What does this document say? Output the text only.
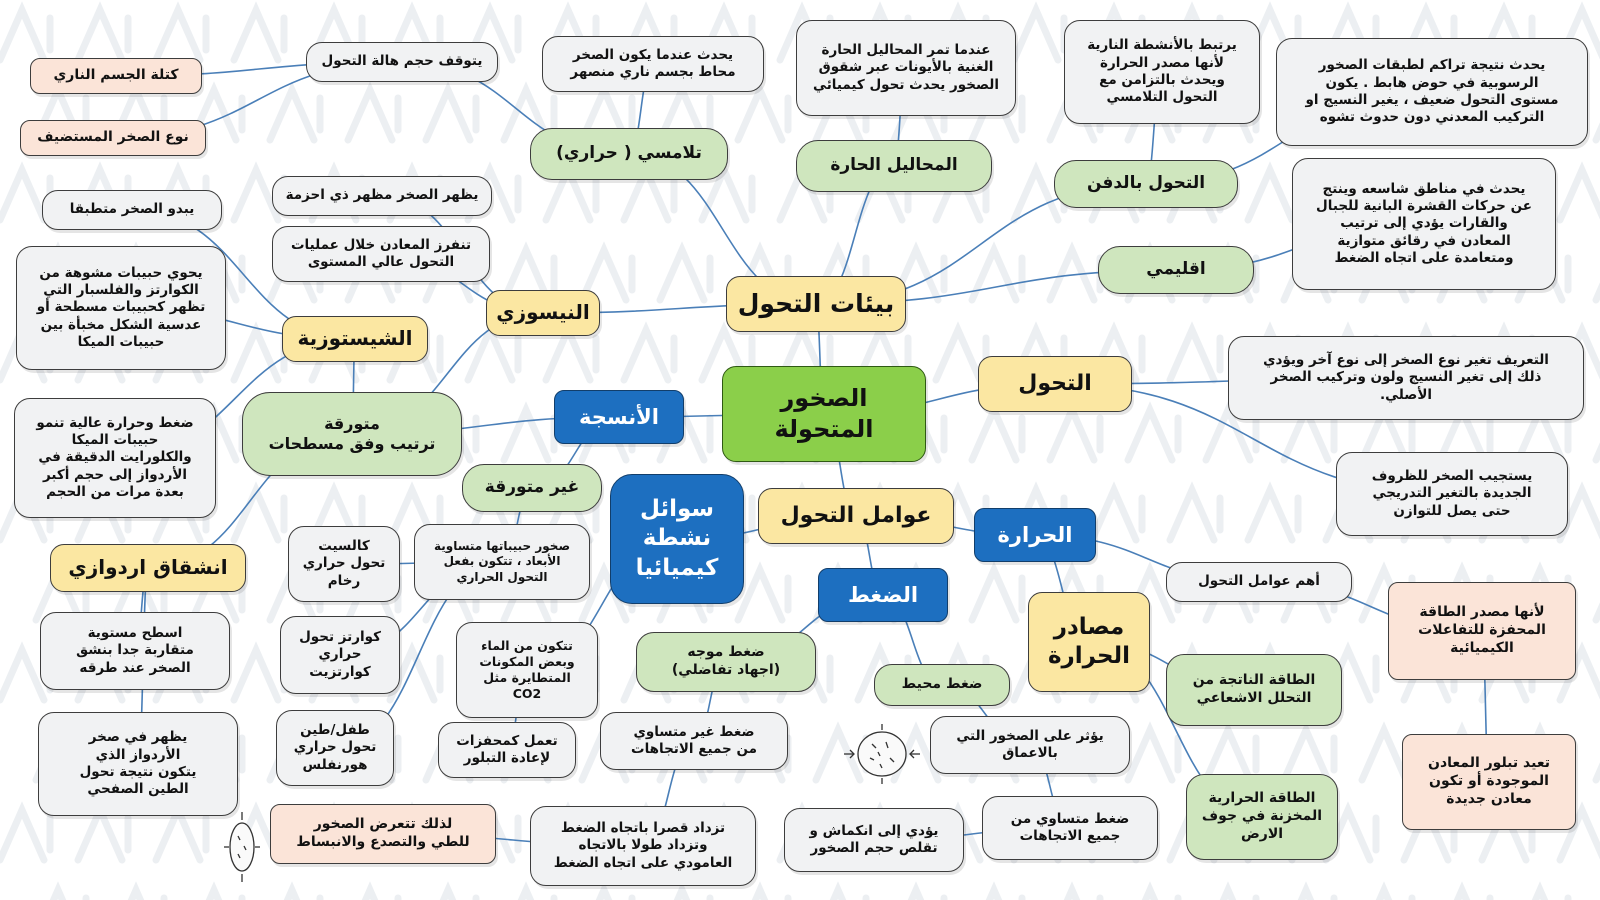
بيئات التحول
الصخور
المتحولة
تلامسي ( حراري)
يحدث عندما يكون الصخر
محاط بجسم ناري منصهر
يتوقف حجم هالة التحول
كتلة الجسم الناري
نوع الصخر المستضيف
المحاليل الحارة
عندما تمر المحاليل الحارة
الغنية بالأيونات عبر شقوق
الصخور يحدث تحول كيميائي
يرتبط بالأنشطة النارية
لأنها مصدر الحرارة
ويحدث بالتزامن مع
التحول التلامسي
يحدث نتيجة تراكم لطبقات الصخور
الرسوبية في حوض هابط . يكون
مستوى التحول ضعيف ، يغير النسيج او
التركيب المعدني دون حدوث تشوه
التحول بالدفن
اقليمي
يحدث في مناطق شاسعه وينتج
عن حركات القشرة البانية للجبال
والقارات يؤدي إلى ترتيب
المعادن في رقائق متوازية
ومتعامدة على اتجاه الضغط
التحول
التعريف تغير نوع الصخر إلى نوع آخر ويؤدي
ذلك إلى تغير النسيج ولون وتركيب الصخر
الأصلي.
يستجيب الصخر للظروف
الجديدة بالتغير التدريجي
حتى يصل للتوازن
الأنسجة
متورقة
ترتيب وفق مسطحات
غير متورقة
صخور حبيباتها متساوية
الأبعاد ، تتكون بفعل
التحول الحراري
كالسيت
تحول حراري
رخام
كوارتز تحول
حراري
كوارتزيت
طفل/طين
تحول حراري
هورنفلس
النيسوزي
يظهر الصخر مظهر ذي احزمة
تنفرز المعادن خلال عمليات
التحول عالي المستوى
الشيستوزية
يبدو الصخر متطبقا
يحوي حبيبات مشوهة من
الكوارتز والفلسبار التي
تظهر كحبيبات مسطحة أو
عدسية الشكل مخبأة بين
حبيبات الميكا
ضغط وحرارة عالية تنمو
حبيبات الميكا
والكلورايت الدقيقة في
الأردواز إلى حجم أكبر
بعدة مرات من الحجم
انشقاق اردوازي
اسطح مستوية
متقاربة جدا بنشق
الصخر عند طرقه
يظهر في صخر
الأردواز الذي
يتكون نتيجة تحول
الطين الصفحي
سوائل
نشطة
كيميائيا
تتكون من الماء
وبعض المكونات
المتطايرة مثل
CO2
تعمل كمحفزات
لإعادة التبلور
عوامل التحول
الحرارة
أهم عوامل التحول
لأنها مصدر الطاقة
المحفزة للتفاعلات
الكيميائية
تعيد تبلور المعادن
الموجودة أو تكون
معادن جديدة
مصادر
الحرارة
الطاقة الناتجة من
التحلل الاشعاعي
الطاقة الحرارية
المخزنة في جوف
الارض
الضغط
ضغط موجه
(اجهاد تفاضلي)
ضغط محيط
ضغط غير متساوي
من جميع الاتجاهات
تزداد قصرا باتجاه الضغط
وتزداد طولا بالاتجاه
العامودي على اتجاه الضغط
لذلك تتعرض الصخور
للطي والتصدع والانبساط
يؤثر على الصخور التي
بالاعماق
ضغط متساوي من
جميع الاتجاهات
يؤدي إلى انكماش و
تقلص حجم الصخور
